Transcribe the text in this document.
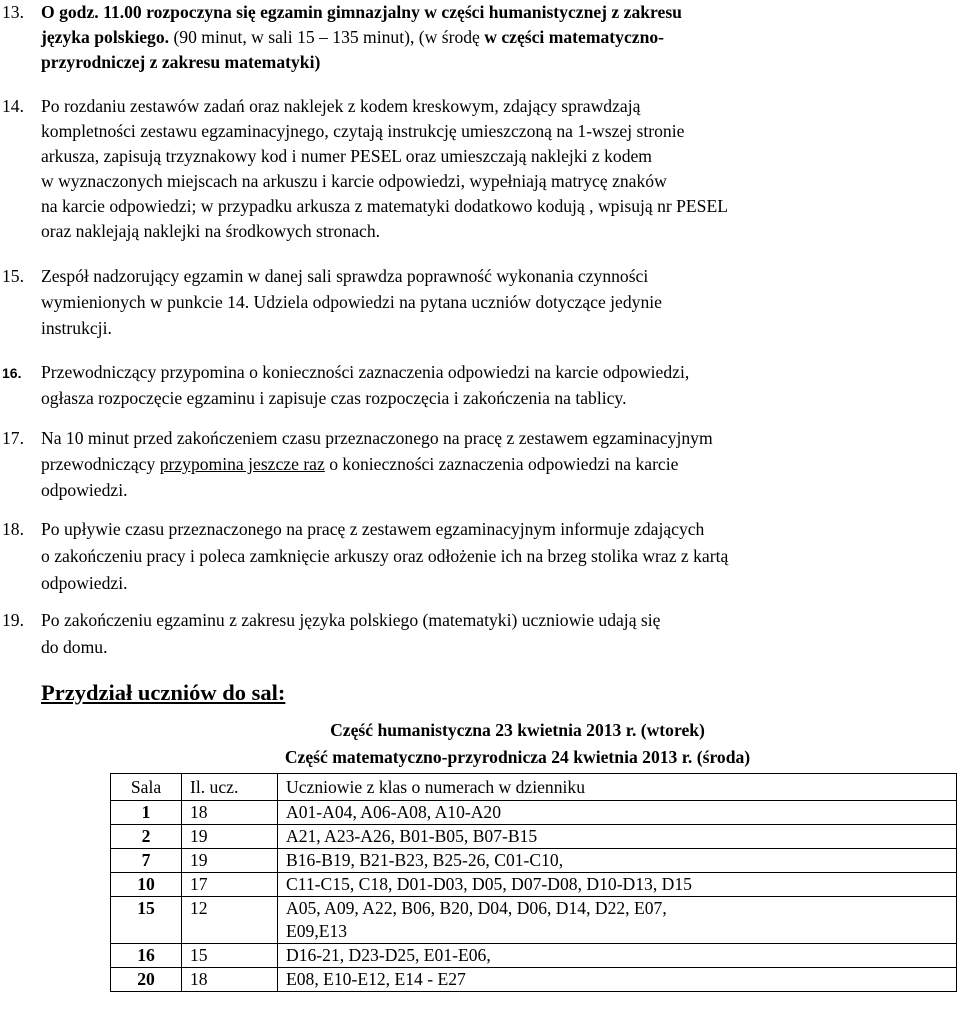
13. O godz. 11.00 rozpoczyna się egzamin gimnazjalny w części humanistycznej z zakresu
języka polskiego. (90 minut, w sali 15 – 135 minut), (w środę w części matematyczno-
przyrodniczej z zakresu matematyki)
14. Po rozdaniu zestawów zadań oraz naklejek z kodem kreskowym, zdający sprawdzają
kompletności zestawu egzaminacyjnego, czytają instrukcję umieszczoną na 1-wszej stronie
arkusza, zapisują trzyznakowy kod i numer PESEL oraz umieszczają naklejki z kodem
w wyznaczonych miejscach na arkuszu i karcie odpowiedzi, wypełniają matrycę znaków
na karcie odpowiedzi; w przypadku arkusza z matematyki dodatkowo kodują , wpisują nr PESEL
oraz naklejają naklejki na środkowych stronach.
15. Zespół nadzorujący egzamin w danej sali sprawdza poprawność wykonania czynności
wymienionych w punkcie 14. Udziela odpowiedzi na pytana uczniów dotyczące jedynie
instrukcji.
16. Przewodniczący przypomina o konieczności zaznaczenia odpowiedzi na karcie odpowiedzi,
ogłasza rozpoczęcie egzaminu i zapisuje czas rozpoczęcia i zakończenia na tablicy.
17. Na 10 minut przed zakończeniem czasu przeznaczonego na pracę z zestawem egzaminacyjnym
przewodniczący przypomina jeszcze raz o konieczności zaznaczenia odpowiedzi na karcie
odpowiedzi.
18. Po upływie czasu przeznaczonego na pracę z zestawem egzaminacyjnym informuje zdających
o zakończeniu pracy i poleca zamknięcie arkuszy oraz odłożenie ich na brzeg stolika wraz z kartą
odpowiedzi.
19. Po zakończeniu egzaminu z zakresu języka polskiego (matematyki) uczniowie udają się
do domu.
Przydział uczniów do sal:
Część humanistyczna 23 kwietnia 2013 r. (wtorek)
Część matematyczno-przyrodnicza 24 kwietnia 2013 r. (środa)
Sala	Il. ucz.	Uczniowie z klas o numerach w dzienniku
1	18	A01-A04, A06-A08, A10-A20
2	19	A21, A23-A26, B01-B05, B07-B15
7	19	B16-B19, B21-B23, B25-26, C01-C10,
10	17	C11-C15, C18, D01-D03, D05, D07-D08, D10-D13, D15
15	12	A05, A09, A22, B06, B20, D04, D06, D14, D22, E07,
E09,E13
16	15	D16-21, D23-D25, E01-E06,
20	18	E08, E10-E12, E14 - E27
